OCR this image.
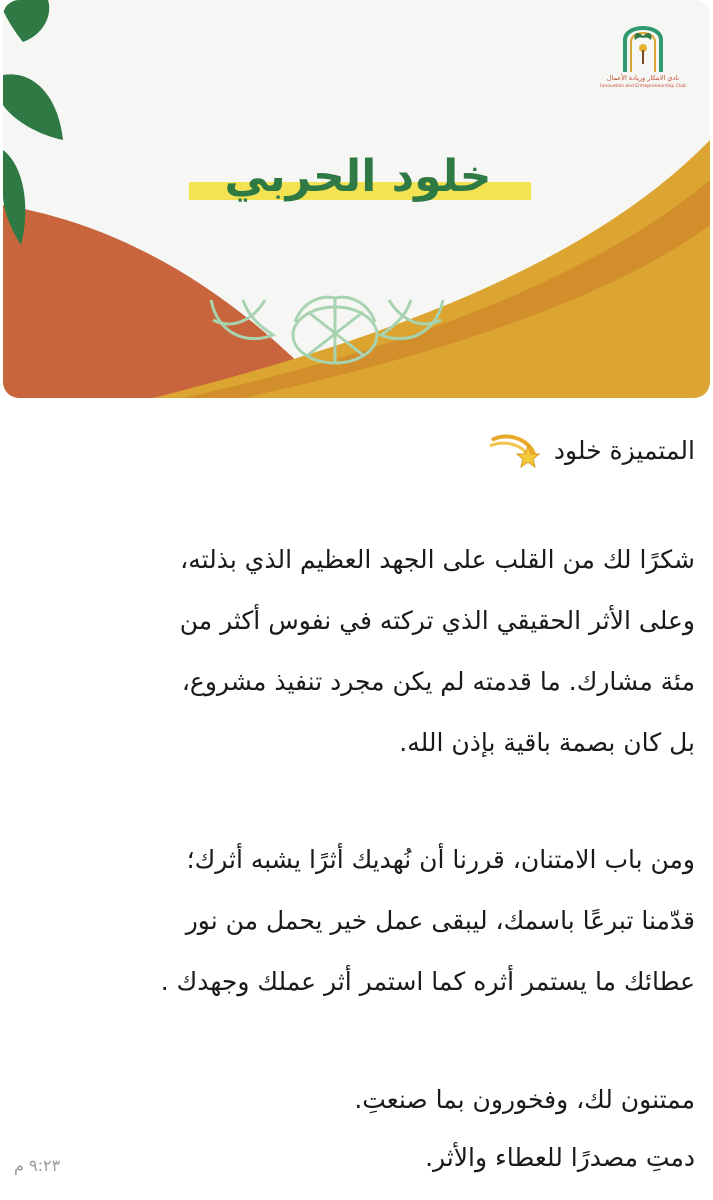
نادي الابتكار وريادة الأعمال
Innovation and Entrepreneurship Club
خلود الحربي
المتميزة خلود
شكرًا لك من القلب على الجهد العظيم الذي بذلته،
وعلى الأثر الحقيقي الذي تركته في نفوس أكثر من
مئة مشارك. ما قدمته لم يكن مجرد تنفيذ مشروع،
بل كان بصمة باقية بإذن الله.
ومن باب الامتنان، قررنا أن نُهديك أثرًا يشبه أثرك؛
قدّمنا تبرعًا باسمك، ليبقى عمل خير يحمل من نور
عطائك ما يستمر أثره كما استمر أثر عملك وجهدك .
ممتنون لك، وفخورون بما صنعتِ.
دمتِ مصدرًا للعطاء والأثر.
٩:٢٣ م
